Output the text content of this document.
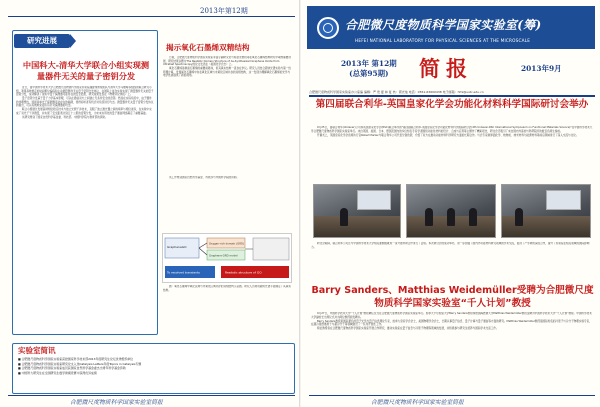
2013年第12期
研究进展
中国科大-清华大学联合小组实现测量器件无关的量子密钥分发

近日，由中国科学技术大学合肥微尺度物质科学国家实验室潘建伟教授团队与清华大学马雄峰等组成的联合研究小组，利用高效稳定的时间相位编码和主动测量器件无关量子密钥分发协议，在国际上首次实验实现了测量器件无关的量子密钥分发，成功解决了现实中量子探测器可能存在的安全隐患，研究成果发表在《物理评论快报》上。

量子密钥分发基于量子力学基本原理，可以在通信双方之间建立无条件安全的密钥。然而在实际系统中，由于器件的非理想性，特别是单光子探测器可能存在的漏洞，使得窃听者有机会对系统进行攻击。测量器件无关量子密钥分发协议的提出，可以有效地免疫所有针对探测器的攻击。

联合小组通过发展高速相位稳定技术与独立光源干涉技术，克服了独立激光器之间的频率与相位差异，在实验中完成了双光子干涉测量，并实现了安全距离达到五十公里的密钥分发，为未来实用化的量子通信网络奠定了重要基础。

该研究得到了国家自然科学基金委、科技部、中国科学院与教育部的资助。

揭示氧化石墨烯双精结构

日前，合肥微尺度物质科学国家实验室李震宇副研究员与杨金龙教授等在氧化石墨烯结构研究中取得重要进展，研究结果以题为The Realistic Domain Structure of As-Synthesized Graphene Oxide from Ultrafast Spectroscopy的论文发表在《美国化学会志》上。

氧化石墨烯是制备石墨烯的重要前驱体，但其真实结构一直存在争议。研究人员结合超快光谱实验与第一性原理计算，发现氧化石墨烯中存在氧化区域与未氧化区域共存的双相结构，这一发现为理解氧化石墨烯的光学与电学性质提供了新的视角。

该工作得到国家自然科学基金、科技部与中国科学院的资助。

GrapheneGO
Oxygen-rich domain (ORD)
Graphene-ORD model
To resolved transients	Realistic structure of GO

图：氧化石墨烯中氧化区域与未氧化区域共存的双相结构示意图。研究人员利用超快光谱手段确定了其真实结构。

实验室简讯
■ 合肥微尺度物质科学国家实验室获批国家科学技术部2013年度研究生论坛优秀组织单位
■ 合肥微尺度物质科学国家实验室研究论文入选Catalysis Letters年度Topics in Catalysis专题
■ 合肥微尺度物质科学国家实验室成员获国家自然科学基金委杰出青年科学基金资助
■ 中国科大研究生在全国研究生数学建模竞赛中获得优异成绩
合肥微尺度物质科学国家实验室简报
合肥微尺度物质科学国家实验室(筹)
HEFEI NATIONAL LABORATORY FOR PHYSICAL SCIENCES AT THE MICROSCALE
2013年 第12期
(总第95期)	简报	2013年9月
合肥微尺度物质科学国家实验室办公室编 编辑：严 贵 夏 林 复 核：郭光灿 电话：0551-63600438 电子邮箱：hfnl@ustc.edu.cn
第四届联合利华-英国皇家化学会功能化材料科学国际研讨会举办

9月25日，由联合利华(Unilever)公司和英国皇家化学会(RSC)联合举办的"第四届联合利华-英国皇家化学会功能化材料科学国际研讨会(4th Unilever-RSC International Symposium on Functional Materials Science)"在中国科学技术大学合肥微尺度物质科学国家实验室举行。来自英国、美国、日本、德国及国内的多位知名专家学者围绕功能化材料的设计、合成与应用等主题作了精彩报告，研讨会还吸引了来自国内外高校与科研院所的数百名师生参加。

开幕式上，英国皇家化学会首席执行官Robert Parker与联合利华公司代表分别致辞，介绍了双方在推动功能材料科学研究方面的长期合作。与会专家就界面化学、软物质、纳米材料与能源材料等前沿领域进行了深入交流与讨论。

研讨会期间，联合利华公司还与中国科学技术大学相关课题组就进一步开展科研合作进行了洽谈。本次研讨会的成功举办，进一步加强了国内外功能材料研究领域的学术交流，促进了产学研的深度合作，提升了实验室在相关领域的国际影响力。

Barry Sanders、Matthias Weidemüller受聘为合肥微尺度物质科学国家实验室“千人计划”教授

9月27日，中国科学技术大学“千人计划”教授聘任仪式在合肥微尺度物质科学国家实验室举行。加拿大卡尔加里大学Barry Sanders教授和德国海德堡大学Matthias Weidemüller教授受聘为中国科学技术大学“千人计划”教授。中国科学技术大学副校长出席仪式并为两位教授颁发聘书。

Barry Sanders教授是国际著名的量子光学与量子信息理论专家，加拿大皇家学会会士，美国物理学会会士，长期从事量子信息、量子计算与量子通信等方面的研究。Matthias Weidemüller教授是国际知名的冷原子与冷分子物理实验专家，在超冷里德堡原子与超冷分子等领域做出了一系列开创性工作。

两位教授将在合肥微尺度物质科学国家实验室开展合作研究，推动实验室在量子信息与冷原子物理等领域的发展，并积极参与研究生培养与国际学术交流工作。

合肥微尺度物质科学国家实验室简报
